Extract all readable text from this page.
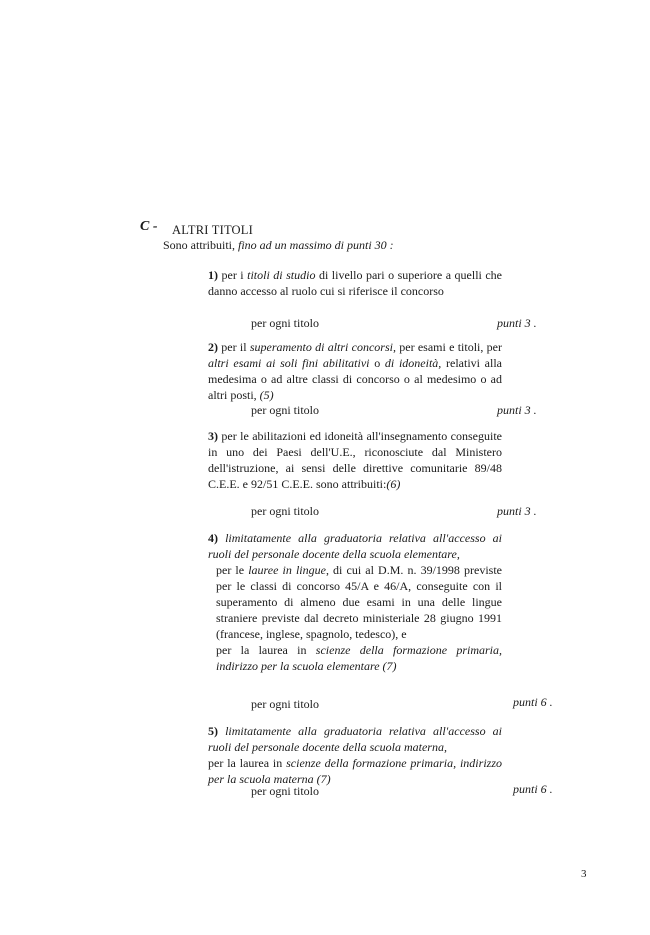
C - ALTRI TITOLI
Sono attribuiti, fino ad un massimo di punti 30 :

1) per i titoli di studio di livello pari o superiore a quelli che danno accesso al ruolo cui si riferisce il concorso

per ogni titolo	punti 3 .

2) per il superamento di altri concorsi, per esami e titoli, per altri esami ai soli fini abilitativi o di idoneità, relativi alla medesima o ad altre classi di concorso o al medesimo o ad altri posti, (5)

per ogni titolo	punti 3 .

3) per le abilitazioni ed idoneità all'insegnamento conseguite in uno dei Paesi dell'U.E., riconosciute dal Ministero dell'istruzione, ai sensi delle direttive comunitarie 89/48 C.E.E. e 92/51 C.E.E. sono attribuiti:(6)

per ogni titolo	punti 3 .

4) limitatamente alla graduatoria relativa all'accesso ai ruoli del personale docente della scuola elementare,

per le lauree in lingue, di cui al D.M. n. 39/1998 previste per le classi di concorso 45/A e 46/A, conseguite con il superamento di almeno due esami in una delle lingue straniere previste dal decreto ministeriale 28 giugno 1991 (francese, inglese, spagnolo, tedesco), e

per la laurea in scienze della formazione primaria, indirizzo per la scuola elementare (7)

per ogni titolo	punti 6 .

5) limitatamente alla graduatoria relativa all'accesso ai ruoli del personale docente della scuola materna,

per la laurea in scienze della formazione primaria, indirizzo per la scuola materna (7)

per ogni titolo	punti 6 .
3
